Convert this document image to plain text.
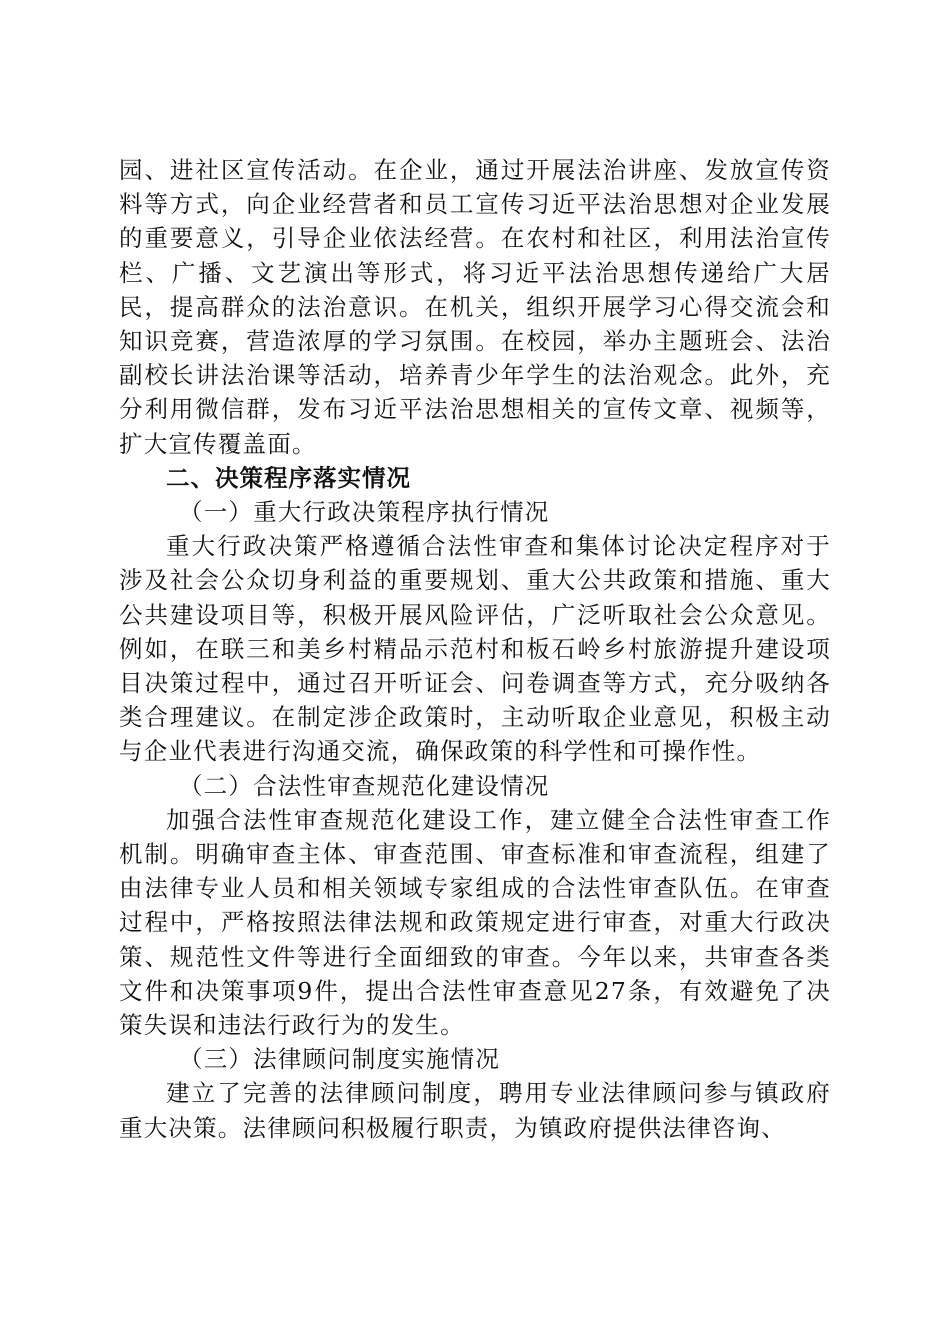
园、进社区宣传活动。在企业，通过开展法治讲座、发放宣传资料等方式，向企业经营者和员工宣传习近平法治思想对企业发展的重要意义，引导企业依法经营。在农村和社区，利用法治宣传栏、广播、文艺演出等形式，将习近平法治思想传递给广大居民，提高群众的法治意识。在机关，组织开展学习心得交流会和知识竞赛，营造浓厚的学习氛围。在校园，举办主题班会、法治副校长讲法治课等活动，培养青少年学生的法治观念。此外，充分利用微信群，发布习近平法治思想相关的宣传文章、视频等，扩大宣传覆盖面。

二、决策程序落实情况

（一）重大行政决策程序执行情况

重大行政决策严格遵循合法性审查和集体讨论决定程序对于涉及社会公众切身利益的重要规划、重大公共政策和措施、重大公共建设项目等，积极开展风险评估，广泛听取社会公众意见。例如，在联三和美乡村精品示范村和板石岭乡村旅游提升建设项目决策过程中，通过召开听证会、问卷调查等方式，充分吸纳各类合理建议。在制定涉企政策时，主动听取企业意见，积极主动与企业代表进行沟通交流，确保政策的科学性和可操作性。

（二）合法性审查规范化建设情况

加强合法性审查规范化建设工作，建立健全合法性审查工作机制。明确审查主体、审查范围、审查标准和审查流程，组建了由法律专业人员和相关领域专家组成的合法性审查队伍。在审查过程中，严格按照法律法规和政策规定进行审查，对重大行政决策、规范性文件等进行全面细致的审查。今年以来，共审查各类文件和决策事项9件，提出合法性审查意见27条，有效避免了决策失误和违法行政行为的发生。

（三）法律顾问制度实施情况

建立了完善的法律顾问制度，聘用专业法律顾问参与镇政府重大决策。法律顾问积极履行职责，为镇政府提供法律咨询、
